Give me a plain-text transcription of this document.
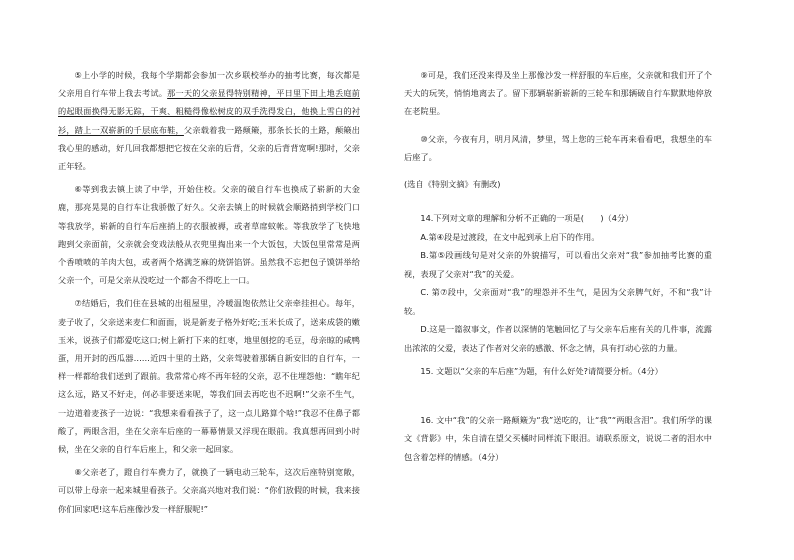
⑤上小学的时候，我每个学期都会参加一次乡联校举办的抽考比赛，每次都是父亲用自行车带上我去考试。那一天的父亲显得特别精神，平日里下田上地丢庭前的起眼面换得无影无踪，干爽、粗糙得像松树皮的双手洗得发白，他换上雪白的衬衫，踏上一双崭新的千层底布鞋，父亲载着我一路颠簸，那条长长的土路，颠簸出我心里的感动，好几回我都想把它按在父亲的后背，父亲的后背背宽啊!那时，父亲正年轻。

⑥等到我去镇上读了中学，开始住校。父亲的破自行车也换成了崭新的大金鹿，那亮晃晃的自行车让我骄傲了好久。父亲去镇上的时候就会顺路捎到学校门口等我放学，崭新的自行车后座捎上的衣服被褥，或者草席蚊帐。等我放学了飞快地跑到父亲面前，父亲就会变戏法般从衣兜里掏出来一个大饭包，大饭包里常常是两个香喷喷的羊肉大包，或者两个烙满芝麻的烧饼馅饼。虽然我不忘把包子馍饼举给父亲一个，可是父亲从没吃过一个都舍不得吃上一口。

⑦结婚后，我们住在县城的出租屋里，冷暖温饱依然让父亲牵挂担心。每年，麦子收了，父亲送来麦仁和面面，说是新麦子格外好吃;玉米长成了，送来成袋的嫩玉米，说孩子们都爱吃这口;树上新打下来的红枣，地里刨挖的毛豆，母亲晾的咸鸭蛋，用开封的西瓜器……近四十里的土路，父亲驾驶着那辆自新安旧的自行车，一样一样都给我们送到了跟前。我常常心疼不再年轻的父亲，忍不住埋怨他：“瞧年纪这么远，路又不好走，何必非要送来呢，等我们回去再吃也不迟啊!”父亲不生气，一边道着麦孩子一边说：“我想来看看孩子了，这一点儿路算个啥!”我忍不住鼻子都酸了，两眼含泪，坐在父亲车后座的一幕幕情景又浮现在眼前。我真想再回到小时候，坐在父亲的自行车后座上，和父亲一起回家。

⑧父亲老了，蹬自行车费力了，就换了一辆电动三轮车，这次后座特别宽敞，可以带上母亲一起来城里看孩子。父亲高兴地对我们说：“你们放假的时候，我来接你们回家吧!这车后座像沙发一样舒服呢!”

⑨可是，我们还没来得及坐上那像沙发一样舒服的车后座，父亲就和我们开了个天大的玩笑，悄悄地离去了。留下那辆崭新崭新的三轮车和那辆破自行车默默地停放在老院里。

⑩父亲，今夜有月，明月风清，梦里，驾上您的三轮车再来看看吧，我想坐的车后座了。

(选自《特别文摘》有删改)

14.下列对文章的理解和分析不正确的一项是(　　)（4分）

A.第④段是过渡段，在文中起到承上启下的作用。

B.第⑤段画线句是对父亲的外貌描写，可以看出父亲对“我”参加抽考比赛的重视，表现了父亲对“我”的关爱。

C. 第⑦段中，父亲面对“我”的埋怨并不生气，是因为父亲脾气好，不和“我”计较。

D.这是一篇叙事文，作者以深情的笔触回忆了与父亲车后座有关的几件事，流露出浓浓的父爱，表达了作者对父亲的感激、怀念之情，具有打动心弦的力量。

15. 文题以“父亲的车后座”为题，有什么好处?请简要分析。（4分）

16. 文中“我”的父亲一路颠簸为“我”送吃的，让“我”“两眼含泪”。我们所学的课文《背影》中，朱自清在望父买橘时同样流下眼泪。请联系原文，说说二者的泪水中包含着怎样的情感。（4分）
